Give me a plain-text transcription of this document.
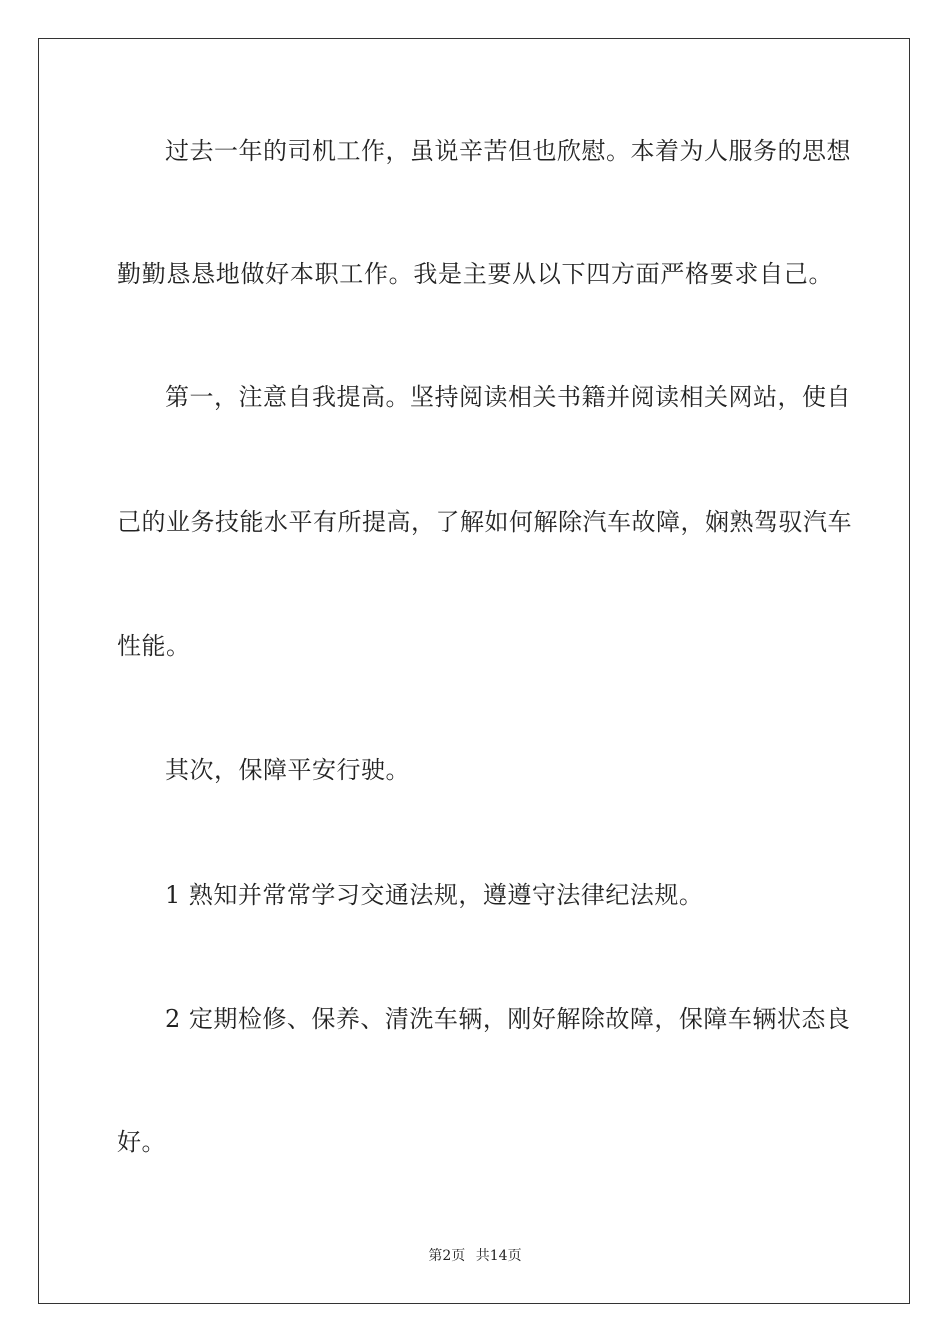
过去一年的司机工作，虽说辛苦但也欣慰。本着为人服务的思想
勤勤恳恳地做好本职工作。我是主要从以下四方面严格要求自己。
第一，注意自我提高。坚持阅读相关书籍并阅读相关网站，使自
己的业务技能水平有所提高，了解如何解除汽车故障，娴熟驾驭汽车
性能。
其次，保障平安行驶。
1 熟知并常常学习交通法规，遵遵守法律纪法规。
2 定期检修、保养、清洗车辆，刚好解除故障，保障车辆状态良
好。
第2页 共14页
